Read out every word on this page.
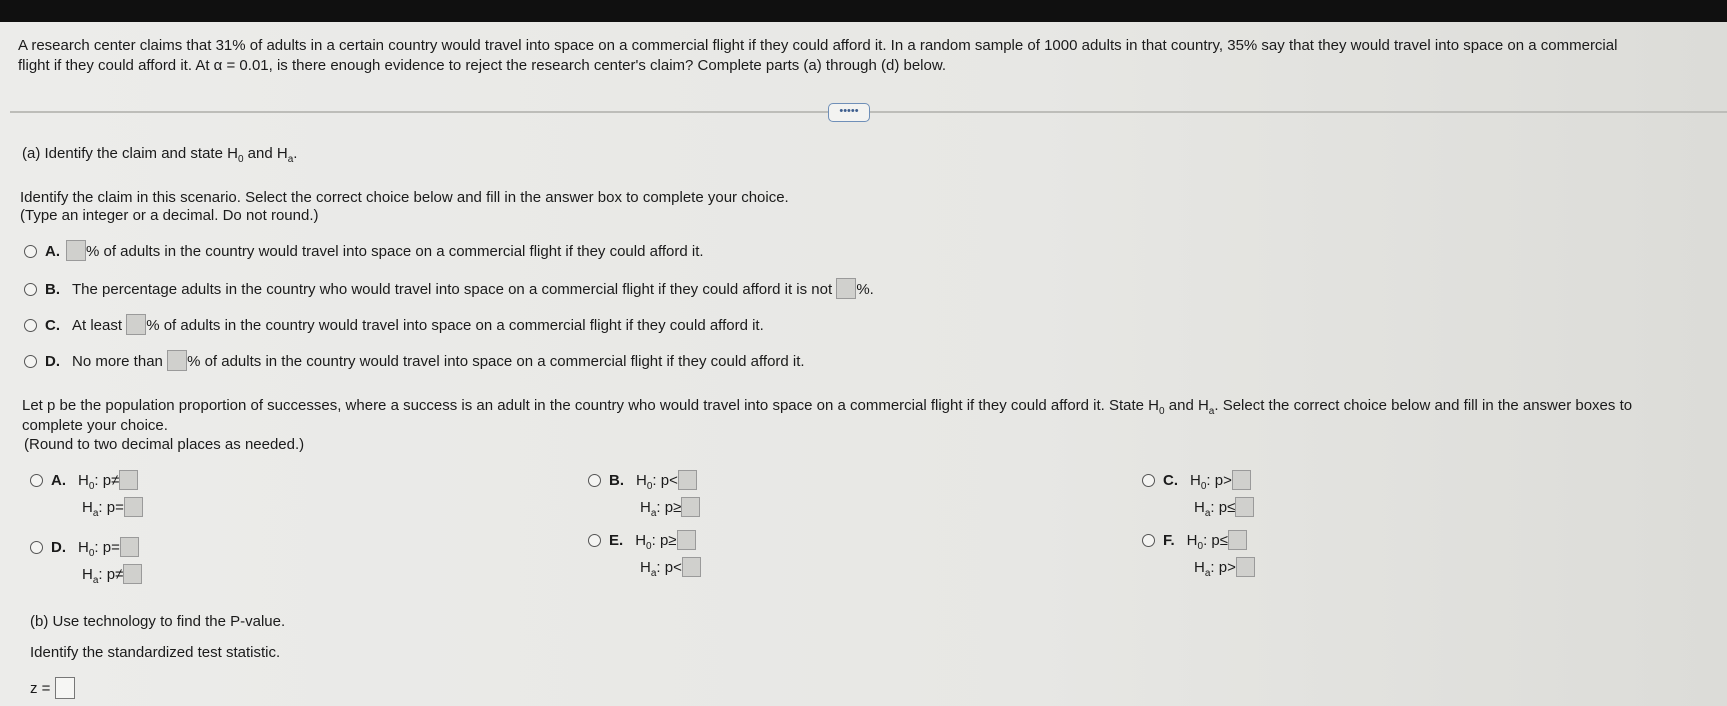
A research center claims that 31% of adults in a certain country would travel into space on a commercial flight if they could afford it. In a random sample of 1000 adults in that country, 35% say that they would travel into space on a commercial
flight if they could afford it. At α = 0.01, is there enough evidence to reject the research center's claim? Complete parts (a) through (d) below.
•••••
(a) Identify the claim and state $H_0$ and $H_a$.
Identify the claim in this scenario. Select the correct choice below and fill in the answer box to complete your choice.
(Type an integer or a decimal. Do not round.)
A. % of adults in the country would travel into space on a commercial flight if they could afford it.
B. The percentage adults in the country who would travel into space on a commercial flight if they could afford it is not %.
C. At least % of adults in the country would travel into space on a commercial flight if they could afford it.
D. No more than % of adults in the country would travel into space on a commercial flight if they could afford it.
Let p be the population proportion of successes, where a success is an adult in the country who would travel into space on a commercial flight if they could afford it. State $H_0$ and $H_a$. Select the correct choice below and fill in the answer boxes to
complete your choice.
(Round to two decimal places as needed.)
A. $H_0$: p≠
$H_a$: p=
D. $H_0$: p=
$H_a$: p≠
B. $H_0$: p<
$H_a$: p≥
E. $H_0$: p≥
$H_a$: p<
C. $H_0$: p>
$H_a$: p≤
F. $H_0$: p≤
$H_a$: p>
(b) Use technology to find the P-value.
Identify the standardized test statistic.
z =
